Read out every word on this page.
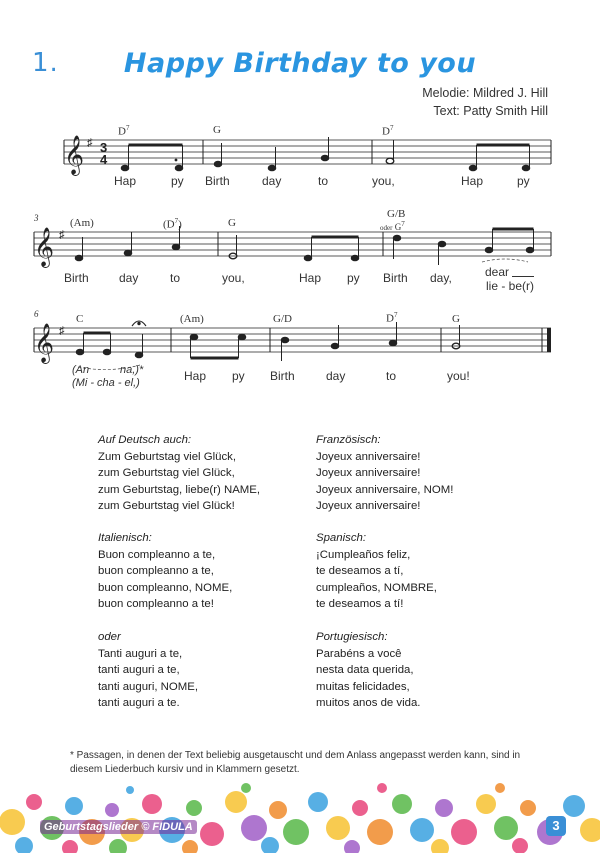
1.	Happy Birthday to you
Melodie: Mildred J. Hill
Text: Patty Smith Hill
𝄞
𝄞
𝄞
♯
♯
♯
3
4
$D^7$	G	$D^7$
Hap	py Birth	day	to	you,	Hap	py
3	(Am)	$(D^7)$	G
G/B
oder $G^7$
Birth	day	to	you,	Hap py Birth day,	dear
lie - be(r)
6	C	(Am)	G/D	$D^7$	G
(An	na,)*
(Mi - cha - el,)	Hap py Birth	day	to	you!
Auf Deutsch auch:
Zum Geburtstag viel Glück,
zum Geburtstag viel Glück,
zum Geburtstag, liebe(r) NAME,
zum Geburtstag viel Glück!
Französisch:
Joyeux anniversaire!
Joyeux anniversaire!
Joyeux anniversaire, NOM!
Joyeux anniversaire!
Italienisch:
Buon compleanno a te,
buon compleanno a te,
buon compleanno, NOME,
buon compleanno a te!
Spanisch:
¡Cumpleaños feliz,
te deseamos a tí,
cumpleaños, NOMBRE,
te deseamos a tí!
oder
Tanti auguri a te,
tanti auguri a te,
tanti auguri, NOME,
tanti auguri a te.
Portugiesisch:
Parabéns a você
nesta data querida,
muitas felicidades,
muitos anos de vida.
* Passagen, in denen der Text beliebig ausgetauscht und dem Anlass angepasst werden kann, sind in diesem Liederbuch kursiv und in Klammern gesetzt.
Geburtstagslieder © FIDULA	3
